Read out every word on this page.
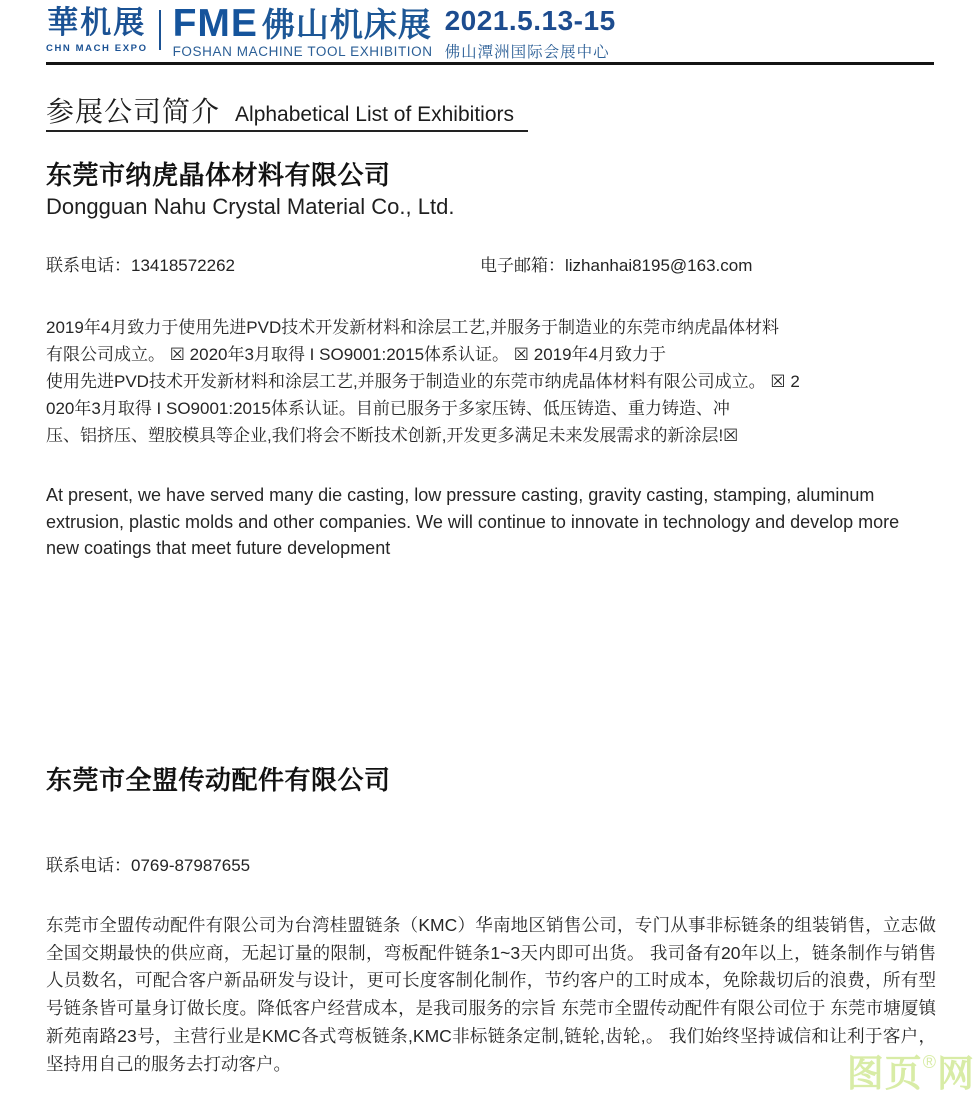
華机展
CHN MACH EXPO
FME 佛山机床展
FOSHAN MACHINE TOOL EXHIBITION
2021.5.13-15
佛山潭洲国际会展中心
参展公司简介 Alphabetical List of Exhibitiors
东莞市纳虎晶体材料有限公司
Dongguan Nahu Crystal Material Co., Ltd.
联系电话：13418572262	电子邮箱：lizhanhai8195@163.com
2019年4月致力于使用先进PVD技术开发新材料和涂层工艺,并服务于制造业的东莞市纳虎晶体材料
有限公司成立。 ☒ 2020年3月取得 I SO9001:2015体系认证。 ☒ 2019年4月致力于
使用先进PVD技术开发新材料和涂层工艺,并服务于制造业的东莞市纳虎晶体材料有限公司成立。 ☒ 2
020年3月取得 I SO9001:2015体系认证。目前已服务于多家压铸、低压铸造、重力铸造、冲
压、铝挤压、塑胶模具等企业,我们将会不断技术创新,开发更多满足未来发展需求的新涂层!☒
At present, we have served many die casting, low pressure casting, gravity casting, stamping, aluminum extrusion, plastic molds and other companies. We will continue to innovate in technology and develop more new coatings that meet future development
东莞市全盟传动配件有限公司
联系电话：0769-87987655
东莞市全盟传动配件有限公司为台湾桂盟链条（KMC）华南地区销售公司，专门从事非标链条的组装销售，立志做全国交期最快的供应商，无起订量的限制，弯板配件链条1~3天内即可出货。 我司备有20年以上，链条制作与销售人员数名，可配合客户新品研发与设计，更可长度客制化制作，节约客户的工时成本，免除裁切后的浪费，所有型号链条皆可量身订做长度。降低客户经营成本，是我司服务的宗旨 东莞市全盟传动配件有限公司位于 东莞市塘厦镇新苑南路23号，主营行业是KMC各式弯板链条,KMC非标链条定制,链轮,齿轮,。 我们始终坚持诚信和让利于客户，坚持用自己的服务去打动客户。	图页®网
